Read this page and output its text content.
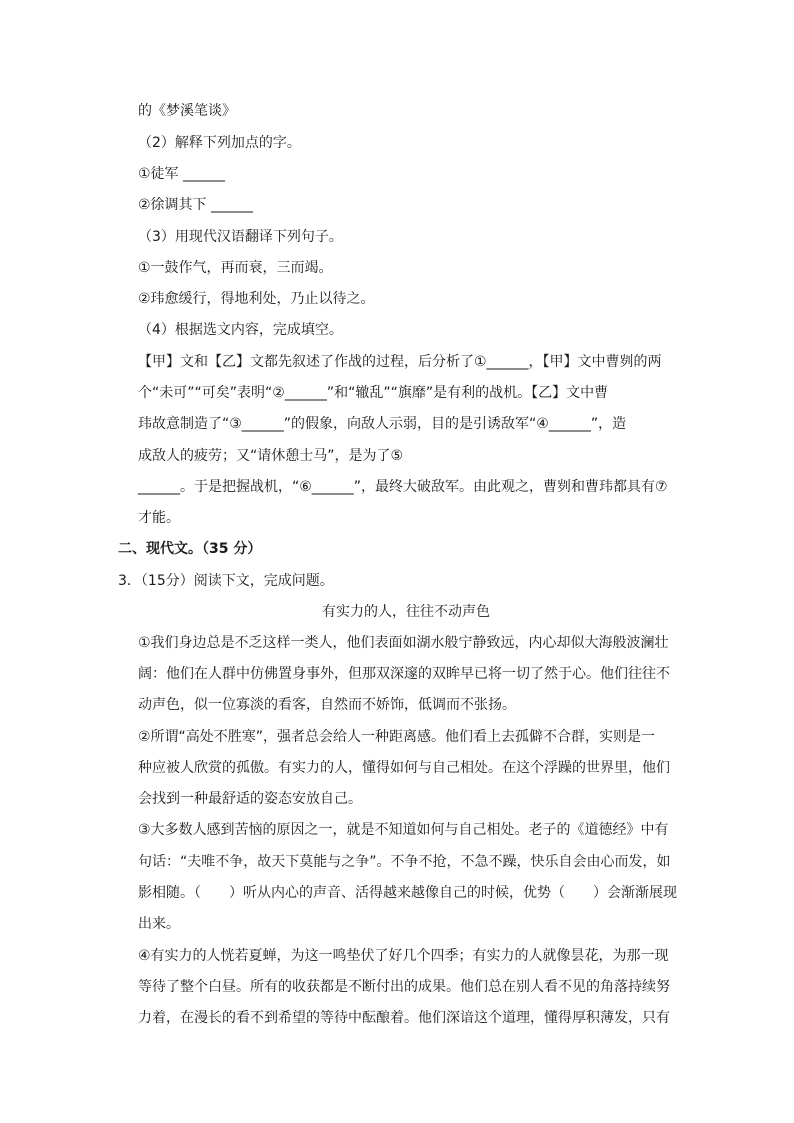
的《梦溪笔谈》
（2）解释下列加点的字。
①徒军 ______
②徐调其下 ______
（3）用现代汉语翻译下列句子。
①一鼓作气，再而衰，三而竭。
②玮愈缓行，得地利处，乃止以待之。
（4）根据选文内容，完成填空。
【甲】文和【乙】文都先叙述了作战的过程，后分析了①______，【甲】文中曹刿的两
个“未可”“可矣”表明“②______”和“辙乱”“旗靡”是有利的战机。【乙】文中曹
玮故意制造了“③______”的假象，向敌人示弱，目的是引诱敌军“④______”，造
成敌人的疲劳；又“请休憩士马”，是为了⑤
______。于是把握战机，“⑥______”，最终大破敌军。由此观之，曹刿和曹玮都具有⑦
才能。
二、现代文。（35 分）
3．（15分）阅读下文，完成问题。
有实力的人，往往不动声色
①我们身边总是不乏这样一类人，他们表面如湖水般宁静致远，内心却似大海般波澜壮
阔：他们在人群中仿佛置身事外，但那双深邃的双眸早已将一切了然于心。他们往往不
动声色，似一位寡淡的看客，自然而不娇饰，低调而不张扬。
②所谓“高处不胜寒”，强者总会给人一种距离感。他们看上去孤僻不合群，实则是一
种应被人欣赏的孤傲。有实力的人，懂得如何与自己相处。在这个浮躁的世界里，他们
会找到一种最舒适的姿态安放自己。
③大多数人感到苦恼的原因之一，就是不知道如何与自己相处。老子的《道德经》中有
句话：“夫唯不争，故天下莫能与之争”。不争不抢，不急不躁，快乐自会由心而发，如
影相随。（　　）听从内心的声音、活得越来越像自己的时候，优势（　　）会渐渐展现
出来。
④有实力的人恍若夏蝉，为这一鸣垫伏了好几个四季；有实力的人就像昙花，为那一现
等待了整个白昼。所有的收获都是不断付出的成果。他们总在别人看不见的角落持续努
力着，在漫长的看不到希望的等待中酝酿着。他们深谙这个道理，懂得厚积薄发，只有
